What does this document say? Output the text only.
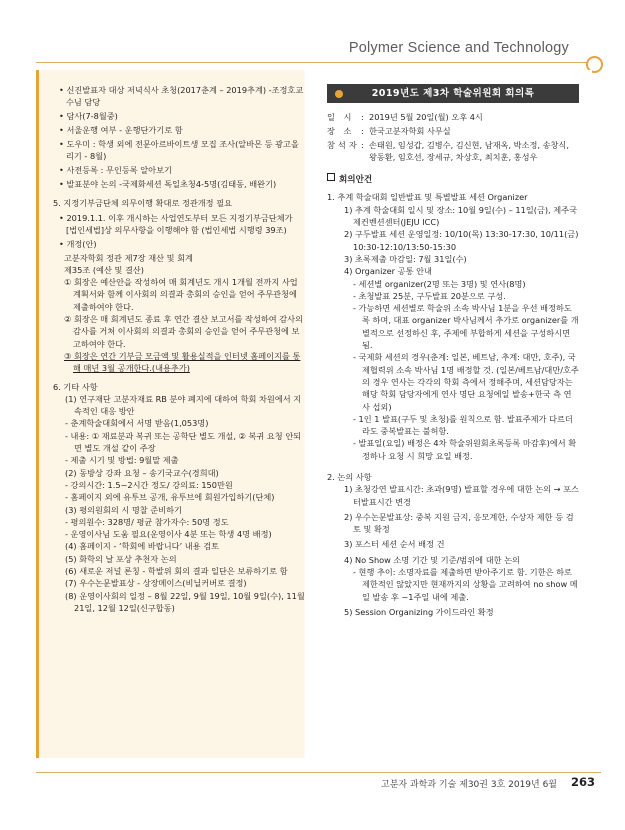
Polymer Science and Technology
• 신진발표자 대상 저녁식사 초청(2017춘계 – 2019추계) -조정호교수님 담당
• 담사(7-8월중)
• 서울운행 여부 - 운행단가기로 함
• 도우미 : 학생 외에 전문아르바이트생 모집 조사(알바몬 등 광고올리기 - 8월)
• 사전등록 : 무인등록 알아보기
• 발표분야 논의 -국제화세션 독일초청4-5명(김태동, 배완기)
5. 지정기부금단체 의무이행 확대로 정관개정 필요
• 2019.1.1. 이후 개시하는 사업연도부터 모든 지정기부금단체가 [법인세법]상 의무사항을 이행해야 함 (법인세법 시행령 39조)
• 개정(안)
고분자학회 정관 제7장 재산 및 회계
제35조 (예산 및 결산)
① 회장은 예산안을 작성하여 매 회계년도 개시 1개월 전까지 사업계획서와 함께 이사회의 의결과 총회의 승인을 얻어 주무관청에 제출하여야 한다.
② 회장은 매 회계년도 종료 후 연간 결산 보고서를 작성하여 감사의 감사를 거쳐 이사회의 의결과 총회의 승인을 얻어 주무관청에 보고하여야 한다.
③ 회장은 연간 기부금 모금액 및 활용실적을 인터넷 홈페이지를 통해 매년 3월 공개한다.(내용추가)
6. 기타 사항
(1) 연구재단 고분자재료 RB 분야 폐지에 대하여 학회 차원에서 지속적인 대응 방안
- 춘계학술대회에서 서명 받음(1,053명)
- 내용: ① 재료분과 복귀 또는 공학단 별도 개설, ② 복귀 요청 안되면 별도 개설 같이 주장
- 제출 시기 및 방법: 9월말 제출
(2) 동방상 강좌 요청 – 송기국교수(경희대)
- 강의시간: 1.5~2시간 정도/ 강의료: 150만원
- 홈페이지 외에 유투브 공개, 유투브에 회원가입하기(단체)
(3) 평의원회의 시 명찰 준비하기
- 평의원수: 328명/ 평균 참가자수: 50명 정도
- 운영이사님 도움 필요(운영이사 4분 또는 학생 4명 배정)
(4) 홈페이지 - ‘학회에 바랍니다’ 내용 검토
(5) 화학의 날 포상 추천자 논의
(6) 새로운 저널 론칭 - 학발위 회의 결과 일단은 보류하기로 함
(7) 우수논문발표상 - 상장메이스(비닐커버로 결정)
(8) 운영이사회의 일정 – 8월 22일, 9월 19일, 10월 9일(수), 11월 21일, 12월 12일(신구합동)
2019년도 제3차 학술위원회 회의록
일 시 : 2019년 5월 20일(월) 오후 4시
장 소 : 한국고분자학회 사무실
참석자 : 손태원, 임성갑, 김병수, 김신현, 남재옥, 박소정, 송창식, 왕동환, 임호선, 장세규, 차상호, 최치훈, 홍성우
회의안건
1. 추계 학술대회 일반발표 및 특별발표 세션 Organizer
1) 추계 학술대회 일시 및 장소: 10월 9일(수) – 11일(금), 제주국제컨벤션센터(JEJU ICC)
2) 구두발표 세션 운영일정: 10/10(목) 13:30-17:30, 10/11(금) 10:30-12:10/13:50-15:30
3) 초록제출 마감일: 7월 31일(수)
4) Organizer 공통 안내
- 세션별 organizer(2명 또는 3명) 및 연사(8명)
- 초청발표 25분, 구두발표 20분으로 구성.
- 가능하면 세션별로 학술위 소속 박사님 1분을 우선 배정하도록 하며, 대표 organizer 박사님께서 추가로 organizer를 개별적으로 선정하신 후, 주제에 부합하게 세션을 구성하시면 됨.
- 국제화 세션의 경우(춘계: 일본, 베트남, 추계: 대만, 호주), 국제협력위 소속 박사님 1명 배정할 것. (일본/베트남/대만/호주의 경우 연사는 각각의 학회 측에서 정해주며, 세션담당자는 해당 학회 담당자에게 연사 명단 요청에일 발송+한국 측 연사 섭외)
- 1인 1 발표(구두 및 초청)를 원칙으로 함. 발표주제가 다르더라도 중복발표는 불허함.
- 발표일(요일) 배정은 4차 학술위원회초록등록 마감후)에서 확정하나 요청 시 희망 요일 배정.
2. 논의 사항
1) 초청강연 발표시간: 초과(9명) 발표할 경우에 대한 논의 → 포스터발표시간 변경
2) 우수논문발표상: 중복 지원 금지, 응모계한, 수상자 제한 등 검토 및 확정
3) 포스터 세션 순서 배정 건
4) No Show 소명 기간 및 기준/범위에 대한 논의
- 현행 추이: 소명자료를 제출하면 받아주기로 함. 기한은 하로 제한적인 않았지만 현재까지의 상황을 고려하여 no show 메일 발송 후 ~1주일 내에 제출.
5) Session Organizing 가이드라인 확정
고분자 과학과 기술 제30권 3호 2019년 6월 263
